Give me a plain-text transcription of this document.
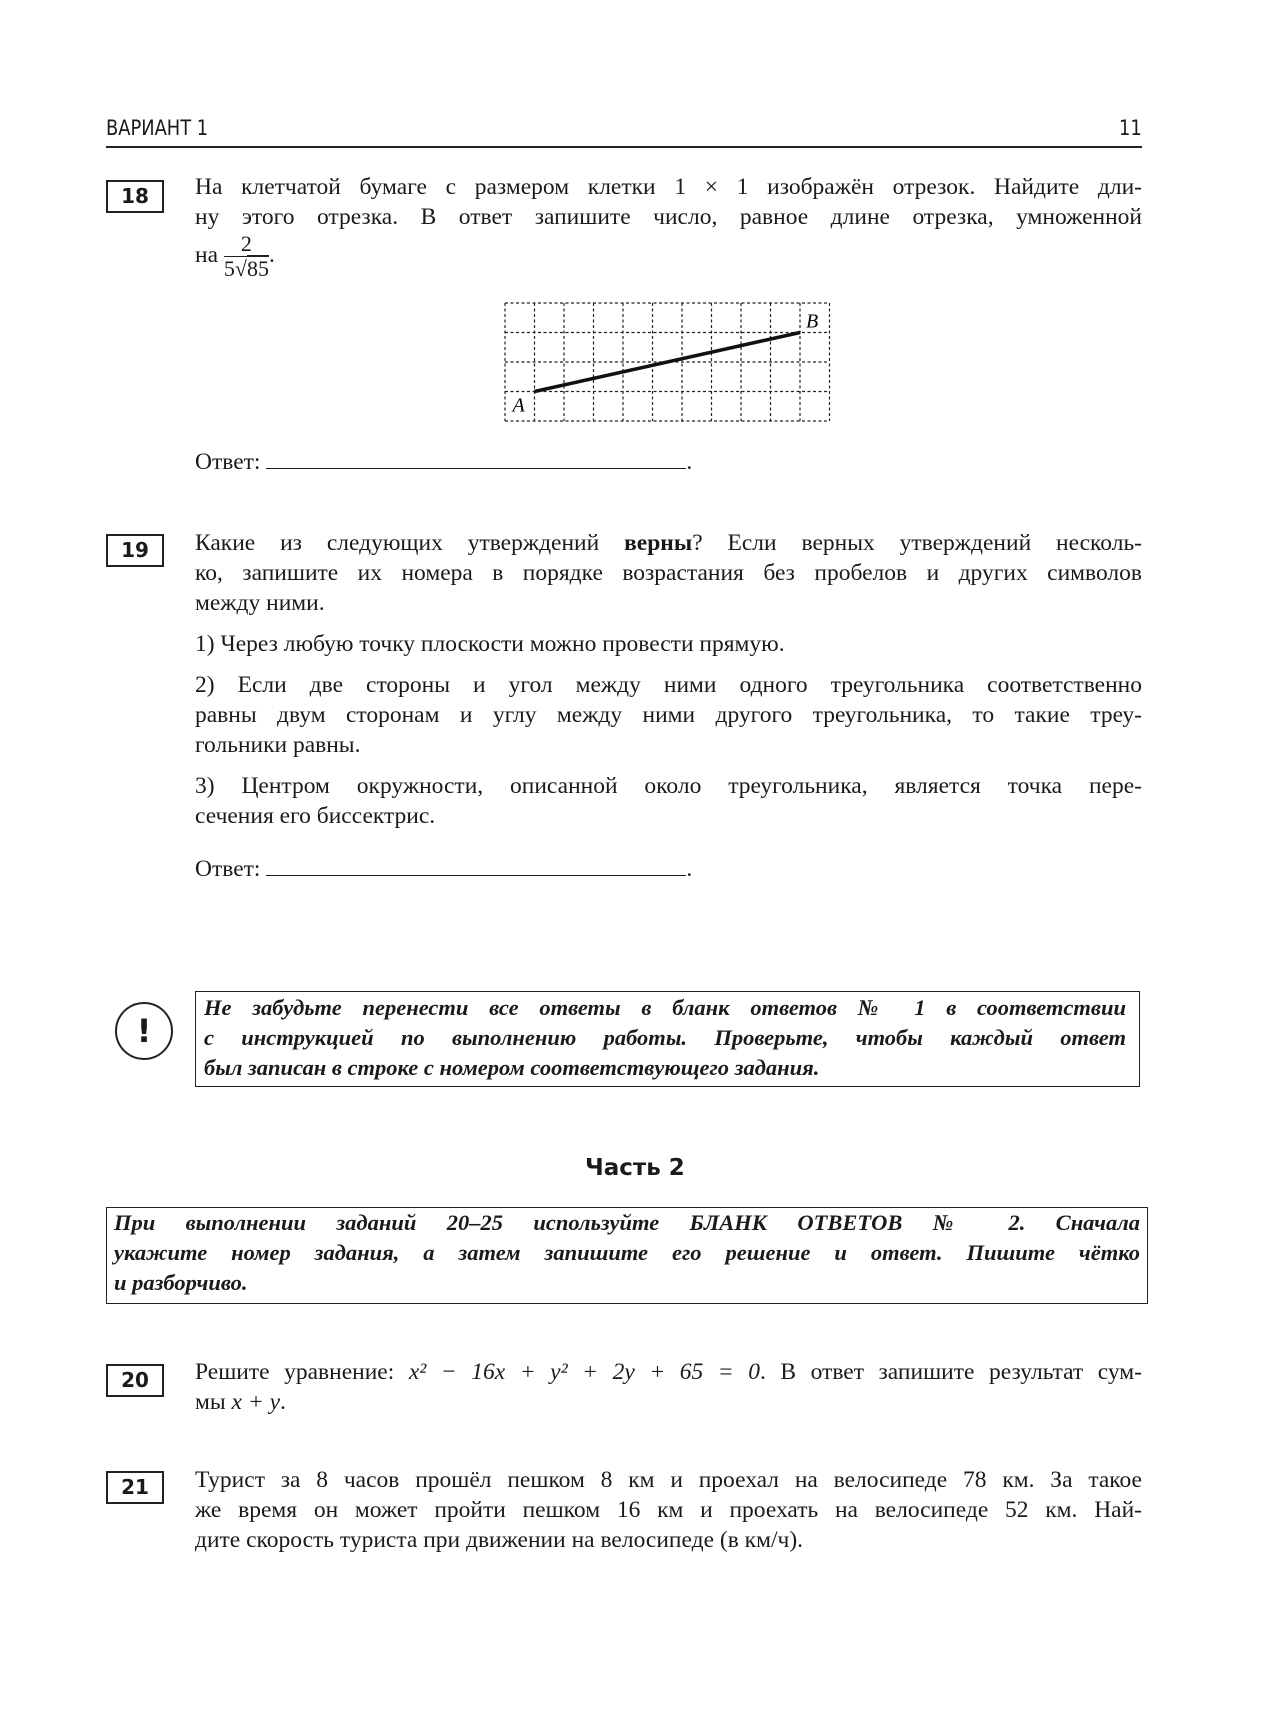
ВАРИАНТ 1	11
18	На клетчатой бумаге с размером клетки 1 × 1 изображён отрезок. Найдите дли-
ну этого отрезка. В ответ запишите число, равное длине отрезка, умноженной
на $\frac{2}{5√85}$ .
A
B
Ответ:	.
19	Какие из следующих утверждений верны? Если верных утверждений несколь-
ко, запишите их номера в порядке возрастания без пробелов и других символов
между ними.
1) Через любую точку плоскости можно провести прямую.
2) Если две стороны и угол между ними одного треугольника соответственно
равны двум сторонам и углу между ними другого треугольника, то такие треу-
гольники равны.
3) Центром окружности, описанной около треугольника, является точка пере-
сечения его биссектрис.
Ответ:	.
!
Не забудьте перенести все ответы в бланк ответов № 1 в соответствии
с инструкцией по выполнению работы. Проверьте, чтобы каждый ответ
был записан в строке с номером соответствующего задания.
Часть 2
При выполнении заданий 20–25 используйте БЛАНК ОТВЕТОВ № 2. Сначала
укажите номер задания, а затем запишите его решение и ответ. Пишите чётко
и разборчиво.
20	Решите уравнение: x² − 16x + y² + 2y + 65 = 0. В ответ запишите результат сум-
мы x + y.
21	Турист за 8 часов прошёл пешком 8 км и проехал на велосипеде 78 км. За такое
же время он может пройти пешком 16 км и проехать на велосипеде 52 км. Най-
дите скорость туриста при движении на велосипеде (в км/ч).
